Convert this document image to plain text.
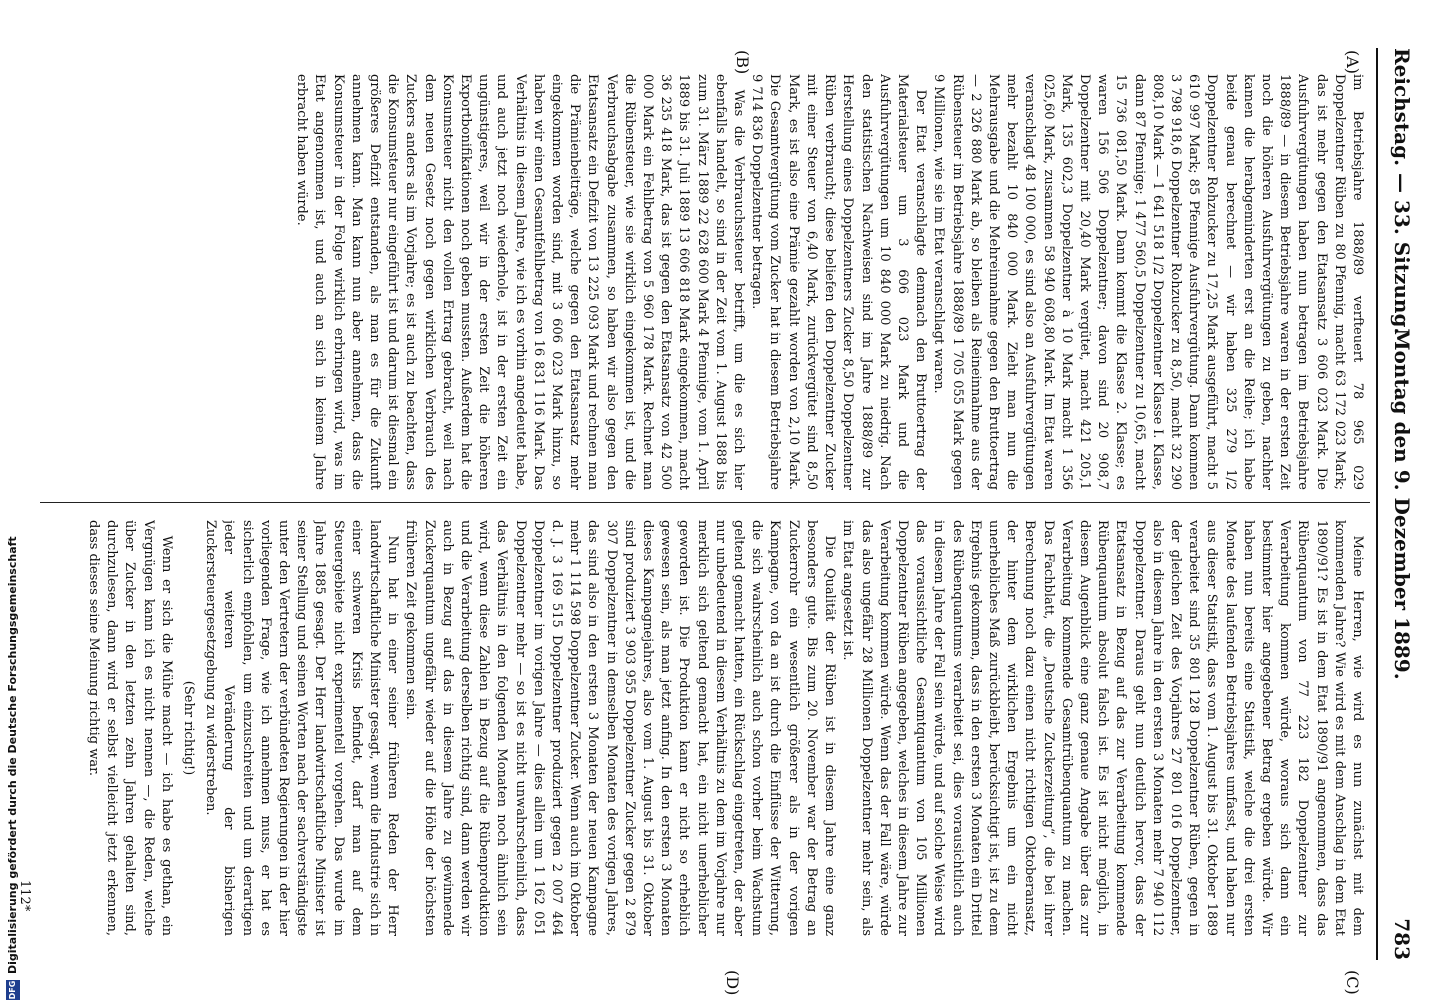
Reichstag. — 33. Sitzung.
Montag den 9. Dezember 1889.
783
(A)
(B)
(C)
(D)

im Betriebsjahre 1888/89 verfteuert 78 965 029 Doppelzentner Rüben zu 80 Pfennig, macht 63 172 023 Mark; das ist mehr gegen den Etatsansatz 3 606 023 Mark. Die Ausfuhrvergütungen haben nun betragen im Betriebsjahre 1888/89 — in diesem Betriebsjahre waren in der ersten Zeit noch die höheren Ausfuhrvergütungen zu geben, nachher kamen die herabgeminderten erst an die Reihe; ich habe beide genau berechnet — wir haben 325 279 1/2 Doppelzentner Rohzucker zu 17,25 Mark ausgeführt, macht 5 610 997 Mark; 85 Pfennige Ausfuhrvergütung. Dann kommen 3 798 918,6 Doppelzentner Rohzucker zu 8,50, macht 32 290 808,10 Mark — 1 641 518 1/2 Doppelzentner Klasse I. Klasse, dann 87 Pfennige; 1 477 560,5 Doppelzentner zu 10,65, macht 15 736 081,50 Mark. Dann kommt die Klasse 2. Klasse; es waren 156 506 Doppelzentner; davon sind 20 908,7 Doppelzentner mit 20,40 Mark vergütet, macht 421 205,1 Mark, 135 602,3 Doppelzentner à 10 Mark macht 1 356 025,60 Mark, zusammen 58 940 608,80 Mark. Im Etat waren veranschlagt 48 100 000, es sind also an Ausfuhrvergütungen mehr bezahlt 10 840 000 Mark. Zieht man nun die Mehrausgabe und die Mehreinnahme gegen den Bruttoertrag — 2 326 880 Mark ab, so bleiben als Reineinnahme aus der Rübensteuer im Betriebsjahre 1888/89 1 705 055 Mark gegen 9 Millionen, wie sie im Etat veranschlagt waren.

Der Etat veranschlagte demnach den Bruttoertrag der Materialsteuer um 3 606 023 Mark und die Ausfuhrvergütungen um 10 840 000 Mark zu niedrig. Nach den statistischen Nachweisen sind im Jahre 1888/89 zur Herstellung eines Doppelzentners Zucker 8,50 Doppelzentner Rüben verbraucht; diese beliefen den Doppelzentner Zucker mit einer Steuer von 6,40 Mark, zurückvergütet sind 8,50 Mark, es ist also eine Prämie gezahlt worden von 2,10 Mark. Die Gesamtvergütung vom Zucker hat in diesem Betriebsjahre 9 714 836 Doppelzentner betragen.

Was die Verbrauchssteuer betrifft, um die es sich hier ebenfalls handelt, so sind in der Zeit vom 1. August 1888 bis zum 31. März 1889 22 628 600 Mark 4 Pfennige, vom 1. April 1889 bis 31. Juli 1889 13 606 818 Mark eingekommen, macht 36 235 418 Mark, das ist gegen den Etatsansatz von 42 500 000 Mark ein Fehlbetrag von 5 960 178 Mark. Rechnet man die Rübensteuer, wie sie wirklich eingekommen ist, und die Verbrauchsabgabe zusammen, so haben wir also gegen den Etatsansatz ein Defizit von 13 225 093 Mark und rechnen man die Prämienbeiträge, welche gegen den Etatsansatz mehr eingekommen worden sind, mit 3 606 023 Mark hinzu, so haben wir einen Gesamtfehlbetrag von 16 831 116 Mark. Das Verhältnis in diesem Jahre, wie ich es vorhin angedeutet habe, und auch jetzt noch wiederhole, ist in der ersten Zeit ein ungünstigeres, weil wir in der ersten Zeit die höheren Exportbonifikationen noch geben mussten. Außerdem hat die Konsumsteuer nicht den vollen Ertrag gebracht, weil nach dem neuen Gesetz noch gegen wirklichen Verbrauch des Zuckers anders als im Vorjahre; es ist auch zu beachten, dass die Konsumsteuer nur eingeführt ist und darum ist diesmal ein größeres Defizit entstanden, als man es für die Zukunft annehmen kann. Man kann nun aber annehmen, dass die Konsumsteuer in der Folge wirklich erbringen wird, was im Etat angenommen ist, und auch an sich in keinem Jahre erbracht haben würde.

Meine Herren, wie wird es nun zunächst mit dem kommenden Jahre? Wie wird es mit dem Anschlag in dem Etat 1890/91? Es ist in dem Etat 1890/91 angenommen, dass das Rübenquantum von 77 223 182 Doppelzentner zur Verarbeitung kommen würde, woraus sich dann ein bestimmter hier angegebener Betrag ergeben würde. Wir haben nun bereits eine Statistik, welche die drei ersten Monate des laufenden Betriebsjahres umfasst, und haben nur aus dieser Statistik, dass vom 1. August bis 31. Oktober 1889 verarbeitet sind 35 801 128 Doppelzentner Rüben, gegen in der gleichen Zeit des Vorjahres 27 801 016 Doppelzentner, also in diesem Jahre in den ersten 3 Monaten mehr 7 940 112 Doppelzentner. Daraus geht nun deutlich hervor, dass der Etatsansatz in Bezug auf das zur Verarbeitung kommende Rübenquantum absolut falsch ist. Es ist nicht möglich, in diesem Augenblick eine ganz genaue Angabe über das zur Verarbeitung kommende Gesamtrübenquantum zu machen. Das Fachblatt, die „Deutsche Zuckerzeitung“, die bei ihrer Berechnung noch dazu einen nicht richtigen Oktoberansatz, der hinter dem wirklichen Ergebnis um ein nicht unerhebliches Maß zurückbleibt, berücksichtigt ist, ist zu dem Ergebnis gekommen, dass in den ersten 3 Monaten ein Drittel des Rübenquantums verarbeitet sei, dies vorausichtlich auch in diesem Jahre der Fall sein würde, und auf solche Weise wird das voraussichtliche Gesamtquantum von 105 Millionen Doppelzentner Rüben angegeben, welches in diesem Jahre zur Verarbeitung kommen würde. Wenn das der Fall wäre, würde das also ungefähr 28 Millionen Doppelzentner mehr sein, als im Etat angesetzt ist.

Die Qualität der Rüben ist in diesem Jahre eine ganz besonders gute. Bis zum 20. November war der Betrag an Zuckerrohr ein wesentlich größerer als in der vorigen Kampagne, von da an ist durch die Einflüsse der Witterung, die sich wahrscheinlich auch schon vorher beim Wachstum geltend gemacht hatten, ein Rückschlag eingetreten, der aber nur unbedeutend in diesem Verhältnis zu dem im Vorjahre nur merklich sich geltend gemacht hat, ein nicht unerheblicher geworden ist. Die Produktion kann er nicht so erheblich gewesen sein, als man jetzt anfing. In den ersten 3 Monaten dieses Kampagnejahres, also vom 1. August bis 31. Oktober sind produziert 3 903 955 Doppelzentner Zucker gegen 2 879 307 Doppelzentner in demselben Monaten des vorigen Jahres, das sind also in den ersten 3 Monaten der neuen Kampagne mehr 1 114 598 Doppelzentner Zucker. Wenn auch im Oktober d. J. 3 169 515 Doppelzentner produziert gegen 2 007 464 Doppelzentner im vorigen Jahre — dies allein um 1 162 051 Doppelzentner mehr — so ist es nicht unwahrscheinlich, dass das Verhältnis in den folgenden Monaten noch ähnlich sein wird, wenn diese Zahlen in Bezug auf die Rübenproduktion und die Verarbeitung derselben richtig sind, dann werden wir auch in Bezug auf das in diesem Jahre zu gewinnende Zuckerquantum ungefähr wieder auf die Höhe der höchsten früheren Zeit gekommen sein.

Nun hat in einer seiner früheren Reden der Herr landwirtschaftliche Minister gesagt, wenn die Industrie sich in einer schweren Krisis befindet, darf man auf dem Steuergebiete nicht experimentell vorgehen. Das wurde im Jahre 1885 gesagt. Der Herr landwirtschaftliche Minister ist seiner Stellung und seinen Worten nach der sachverständigste unter den Vertretern der verbündeten Regierungen in der hier vorliegenden Frage, wie ich annehmen muss, er hat es sicherlich empfohlen, um einzuschreiten und um derartigen jeder weiteren Veränderung der bisherigen Zuckersteuergesetzgebung zu widerstreben.

(Sehr richtig!)

Wenn er sich die Mühe macht — ich habe es gethan, ein Vergnügen kann ich es nicht nennen —, die Reden, welche über Zucker in den letzten zehn Jahren gehalten sind, durchzulesen, dann wird er selbst vielleicht jetzt erkennen, dass dieses seine Meinung richtig war.

112*
DFGDigitalisierung gefördert durch die Deutsche Forschungsgemeinschaft
